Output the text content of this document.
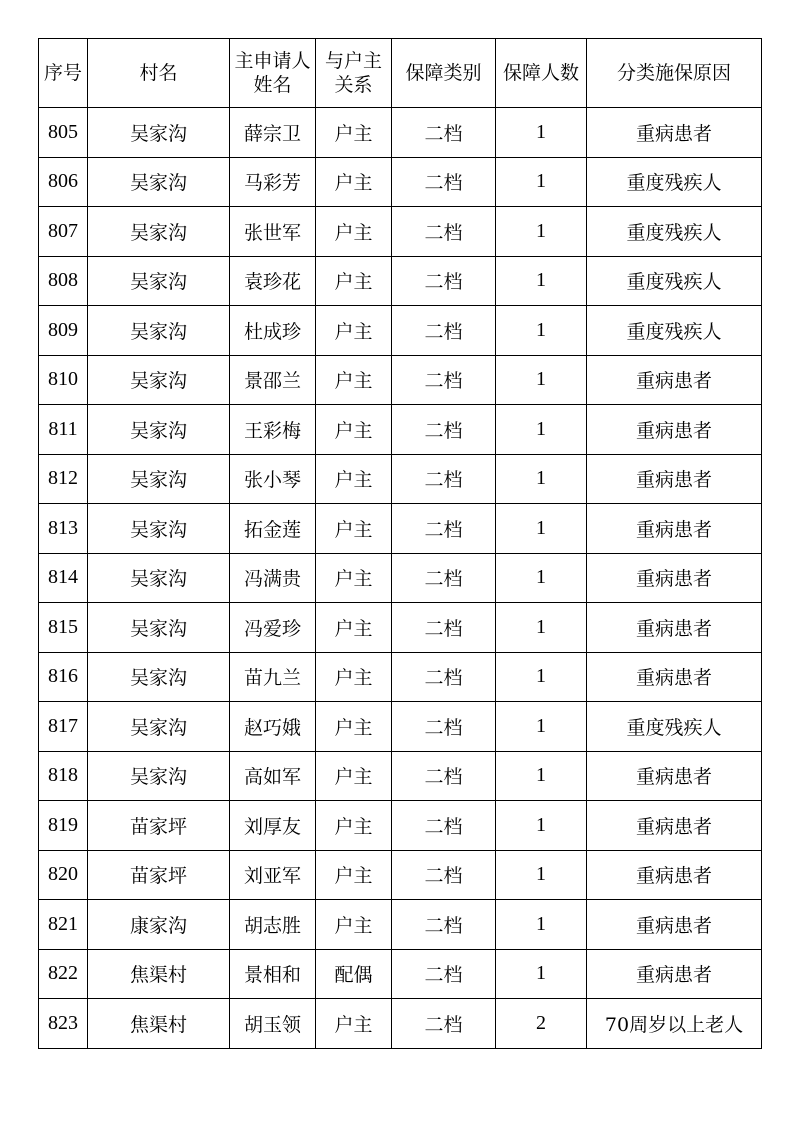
序号	村名	主申请人姓名	与户主关系	保障类别	保障人数	分类施保原因
805	吴家沟	薛宗卫	户主	二档	1	重病患者
806	吴家沟	马彩芳	户主	二档	1	重度残疾人
807	吴家沟	张世军	户主	二档	1	重度残疾人
808	吴家沟	袁珍花	户主	二档	1	重度残疾人
809	吴家沟	杜成珍	户主	二档	1	重度残疾人
810	吴家沟	景邵兰	户主	二档	1	重病患者
811	吴家沟	王彩梅	户主	二档	1	重病患者
812	吴家沟	张小琴	户主	二档	1	重病患者
813	吴家沟	拓金莲	户主	二档	1	重病患者
814	吴家沟	冯满贵	户主	二档	1	重病患者
815	吴家沟	冯爱珍	户主	二档	1	重病患者
816	吴家沟	苗九兰	户主	二档	1	重病患者
817	吴家沟	赵巧娥	户主	二档	1	重度残疾人
818	吴家沟	高如军	户主	二档	1	重病患者
819	苗家坪	刘厚友	户主	二档	1	重病患者
820	苗家坪	刘亚军	户主	二档	1	重病患者
821	康家沟	胡志胜	户主	二档	1	重病患者
822	焦渠村	景相和	配偶	二档	1	重病患者
823	焦渠村	胡玉领	户主	二档	2	70周岁以上老人
